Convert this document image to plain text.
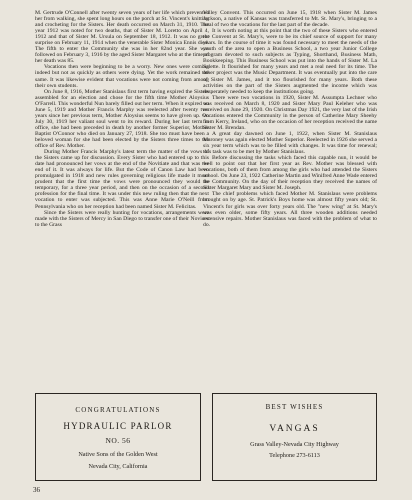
M. Gertrude O'Connell after twenty seven years of her life which prevented her from walking, she spent long hours on the porch at St. Vincent's knitting and crocheting for the Sisters. Her death occurred on March 31, 1910. The year 1912 was noted for two deaths, that of Sister M. Loretto on April 4, 1912 and that of Sister M. Ursula on September 18, 1912. It was no great surprise on February 11, 1914 when the venerable Sister Monica Ennis died. The fifth to enter the Community she was in her 82nd year. She was followed on February 3, 1916 by the aged Sister Margaret who at the time of her death was 85.

Vocations then were beginning to be a worry. New ones were coming indeed but not as quickly as others were dying. Yet the work remained the same. It was likewise evident that vocations were not coming from among their own students.

On June 8, 1916, Mother Stanislaus first term having expired the Sisters assembled for an election and chose for the fifth time Mother Aloysius O'Farrell. This wonderful Nun barely filled out her term. When it expired on June 5, 1919 and Mother Francis Marphy was reelected after twenty two years since her previous term, Mother Aloysius seems to have given up. On July 30, 1919 her valiant soul went to its reward. During her last term in office, she had been preceded in death by another former Superior, Mother Baptist O'Connor who died on January 27, 1918. She too must have been a beloved woman for she had been elected by the Sisters three times to the office of Rev. Mother.

During Mother Francis Marphy's latest term the matter of the vows of the Sisters came up for discussion. Every Sister who had entered up to this date had pronounced her vows at the end of the Novitiate and that was the end of it. It was always for life. But the Code of Canon Law had been promulgated in 1918 and new rules governing religious life made it more prudent that the first time the vows were pronounced they would be temporary, for a three year period, and then on the occasion of a second profession for the final time. It was under this new ruling then that the next vocation to enter was subjected. This was Anne Marie O'Neill from Pennsylvania who on her reception had been named Sister M. Felicitas.

Since the Sisters were really hunting for vocations, arrangements were made with the Sisters of Mercy in San Diego to transfer one of their Novices to the Grass

Valley Convent. This occurred on June 15, 1918 when Sister M. James Jackson, a native of Kansas was transferred to Mt. St. Mary's, bringing to a total of two the vocations for the last part of the decade.

It is worth noting at this point that the two of these Sisters who entered the Convent at St. Mary's, were to be its chief source of support for many years. In the course of time it was found necessary to meet the needs of the youth of the area to open a Business School, a two year Junior College program devoted to such subjects as Typing, Shorthand, Business Math, Bookkeeping. This Business School was put into the hands of Sister M. La Salette. It flourished for many years and met a real need for its time. The other project was the Music Department. It was eventually put into the care of Sister M. James, and it too flourished for many years. Both these activities on the part of the Sisters augmented the income which was desperately needed to keep the institutions going.

There were two vocations in 1920, Sister M. Assumpta Lechner who was received on March 8, 1920 and Sister Mary Paul Keleher who was received on June 29, 1920. On Christmas Day 1921, the very last of the Irish vocations entered the Community in the person of Catherine Mary Sheehy from Kerry, Ireland, who on the occasion of her reception received the name Sister M. Brendan.

A great day dawned on June 1, 1922, when Sister M. Stanislaus Maroney was again elected Mother Superior. Reelected in 1926 she served a six year term which was to be filled with changes. It was time for renewal; this task was to be met by Mother Stanislaus.

Before discussing the tasks which faced this capable nun, it would be well to point out that her first year as Rev. Mother was blessed with vocations, both of them from among the girls who had attended the Sisters school. On June 23, 1922 Catherine Martin and Winifred Anne Wade entered the Community. On the day of their reception they received the names of Sister Margaret Mary and Sister M. Joseph.

The chief problems which faced Mother M. Stanislaus were problems brought on by age. St. Patrick's Boys home was almost fifty years old; St. Vincent's for girls was over forty years old. The "new wing" at St. Mary's was even older, some fifty years. All three wooden additions needed extensive repairs. Mother Stanislaus was faced with the problem of what to do.

CONGRATULATIONS
HYDRAULIC PARLOR
NO. 56
Native Sons of the Golden West
Nevada City, California
BEST WISHES
VANGAS
Grass Valley-Nevada City Highway
Telephone 273-6113
36
